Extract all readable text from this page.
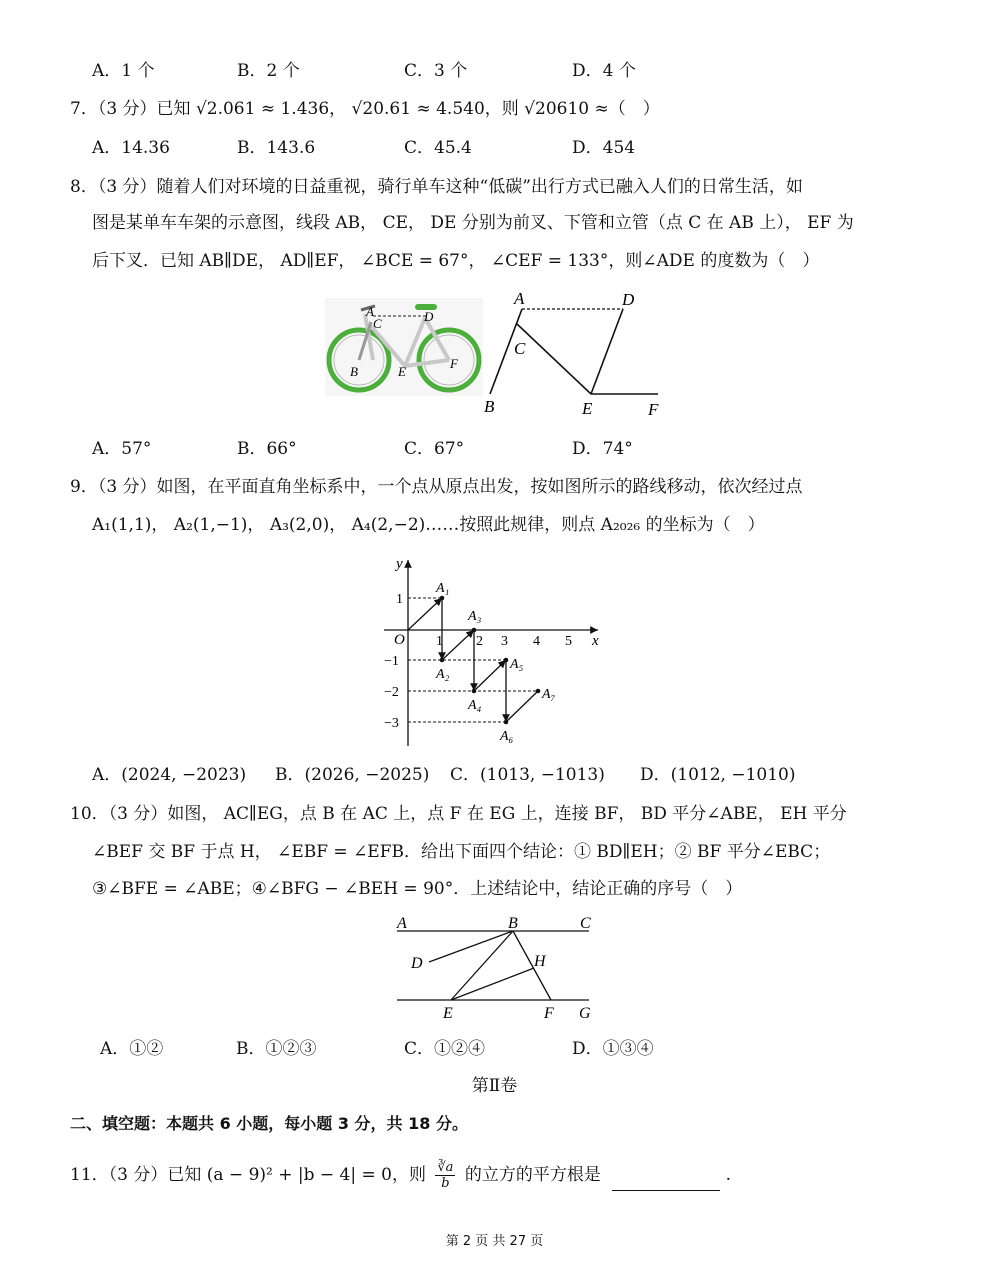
A．1 个	B．2 个	C．3 个	D．4 个
7．（3 分）已知 √2.061 ≈ 1.436， √20.61 ≈ 4.540，则 √20610 ≈（　）
A．14.36	B．143.6	C．45.4	D．454
8．（3 分）随着人们对环境的日益重视，骑行单车这种“低碳”出行方式已融入人们的日常生活，如
图是某单车车架的示意图，线段 AB， CE， DE 分别为前叉、下管和立管（点 C 在 AB 上）， EF 为
后下叉．已知 AB∥DE， AD∥EF， ∠BCE = 67°， ∠CEF = 133°，则∠ADE 的度数为（　）
A	D
C
B	E
F
A	D
C
B	E	F
A．57°	B．66°	C．67°	D．74°
9．（3 分）如图，在平面直角坐标系中，一个点从原点出发，按如图所示的路线移动，依次经过点
A₁(1,1)， A₂(1,−1)， A₃(2,0)， A₄(2,−2)……按照此规律，则点 A₂₀₂₆ 的坐标为（　）
x
y
O 1 2 3 4 5
1
−1
−2
−3
A₁
A₂
A₃
A₄
A₅
A₆
A₇
A．(2024, −2023) B．(2026, −2025) C．(1013, −1013) D．(1012, −1010)
10．（3 分）如图， AC∥EG，点 B 在 AC 上，点 F 在 EG 上，连接 BF， BD 平分∠ABE， EH 平分
∠BEF 交 BF 于点 H， ∠EBF = ∠EFB．给出下面四个结论：① BD∥EH；② BF 平分∠EBC；
③∠BFE = ∠ABE；④∠BFG − ∠BEH = 90°．上述结论中，结论正确的序号（　）
A	B	C
D	H
E	F G
A．①②	B．①②③	C．①②④	D．①③④
第Ⅱ卷
二、填空题：本题共 6 小题，每小题 3 分，共 18 分。
11．（3 分）已知 (a − 9)² + |b − 4| = 0，则 $\frac{∛a}{b}$ 的立方的平方根是	.
第 2 页 共 27 页
